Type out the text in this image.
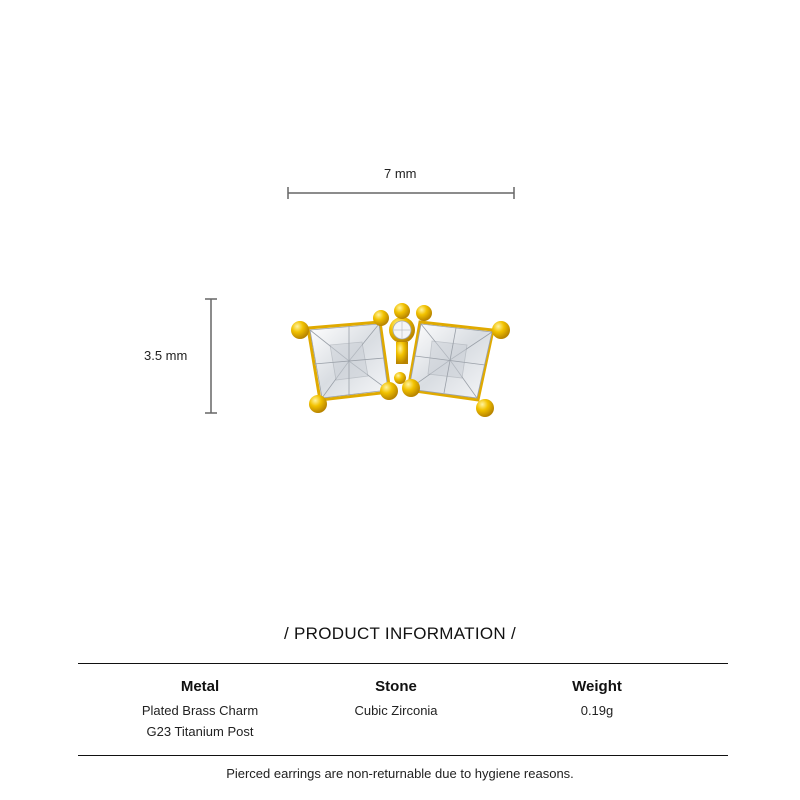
7 mm
3.5 mm
/ PRODUCT INFORMATION /
Metal
Plated Brass Charm
G23 Titanium Post
Stone
Cubic Zirconia
Weight
0.19g
Pierced earrings are non-returnable due to hygiene reasons.
